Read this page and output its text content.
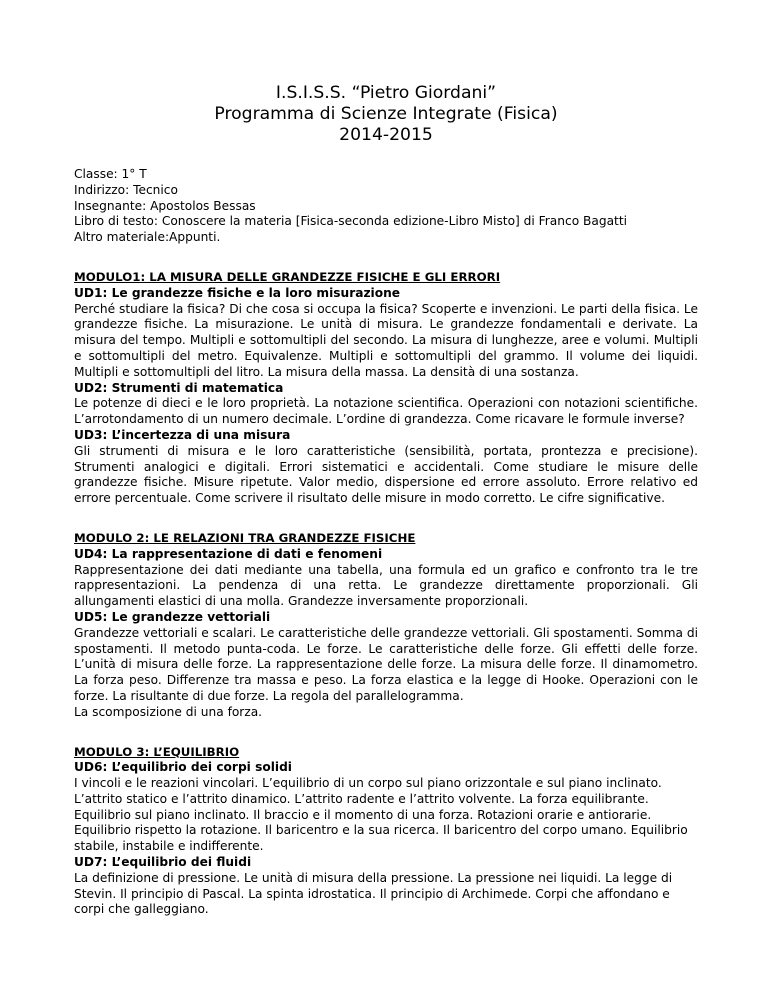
I.S.I.S.S. “Pietro Giordani”
Programma di Scienze Integrate (Fisica)
2014-2015
Classe: 1° T
Indirizzo: Tecnico
Insegnante: Apostolos Bessas
Libro di testo: Conoscere la materia [Fisica-seconda edizione-Libro Misto] di Franco Bagatti
Altro materiale:Appunti.
MODULO1: LA MISURA DELLE GRANDEZZE FISICHE E GLI ERRORI
UD1: Le grandezze fisiche e la loro misurazione
Perché studiare la fisica? Di che cosa si occupa la fisica? Scoperte e invenzioni. Le parti della fisica. Le grandezze fisiche. La misurazione. Le unità di misura. Le grandezze fondamentali e derivate. La misura del tempo. Multipli e sottomultipli del secondo. La misura di lunghezze, aree e volumi. Multipli e sottomultipli del metro. Equivalenze. Multipli e sottomultipli del grammo. Il volume dei liquidi. Multipli e sottomultipli del litro. La misura della massa. La densità di una sostanza.
UD2: Strumenti di matematica
Le potenze di dieci e le loro proprietà. La notazione scientifica. Operazioni con notazioni scientifiche. L’arrotondamento di un numero decimale. L’ordine di grandezza. Come ricavare le formule inverse?
UD3: L’incertezza di una misura
Gli strumenti di misura e le loro caratteristiche (sensibilità, portata, prontezza e precisione). Strumenti analogici e digitali. Errori sistematici e accidentali. Come studiare le misure delle grandezze fisiche. Misure ripetute. Valor medio, dispersione ed errore assoluto. Errore relativo ed errore percentuale. Come scrivere il risultato delle misure in modo corretto. Le cifre significative.
MODULO 2: LE RELAZIONI TRA GRANDEZZE FISICHE
UD4: La rappresentazione di dati e fenomeni
Rappresentazione dei dati mediante una tabella, una formula ed un grafico e confronto tra le tre rappresentazioni. La pendenza di una retta. Le grandezze direttamente proporzionali. Gli allungamenti elastici di una molla. Grandezze inversamente proporzionali.
UD5: Le grandezze vettoriali
Grandezze vettoriali e scalari. Le caratteristiche delle grandezze vettoriali. Gli spostamenti. Somma di spostamenti. Il metodo punta-coda. Le forze. Le caratteristiche delle forze. Gli effetti delle forze. L’unità di misura delle forze. La rappresentazione delle forze. La misura delle forze. Il dinamometro. La forza peso. Differenze tra massa e peso. La forza elastica e la legge di Hooke. Operazioni con le forze. La risultante di due forze. La regola del parallelogramma.
La scomposizione di una forza.
MODULO 3: L’EQUILIBRIO
UD6: L’equilibrio dei corpi solidi
I vincoli e le reazioni vincolari. L’equilibrio di un corpo sul piano orizzontale e sul piano inclinato. L’attrito statico e l’attrito dinamico. L’attrito radente e l’attrito volvente. La forza equilibrante. Equilibrio sul piano inclinato. Il braccio e il momento di una forza. Rotazioni orarie e antiorarie. Equilibrio rispetto la rotazione. Il baricentro e la sua ricerca. Il baricentro del corpo umano. Equilibrio stabile, instabile e indifferente.
UD7: L’equilibrio dei fluidi
La definizione di pressione. Le unità di misura della pressione. La pressione nei liquidi. La legge di Stevin. Il principio di Pascal. La spinta idrostatica. Il principio di Archimede. Corpi che affondano e corpi che galleggiano.
